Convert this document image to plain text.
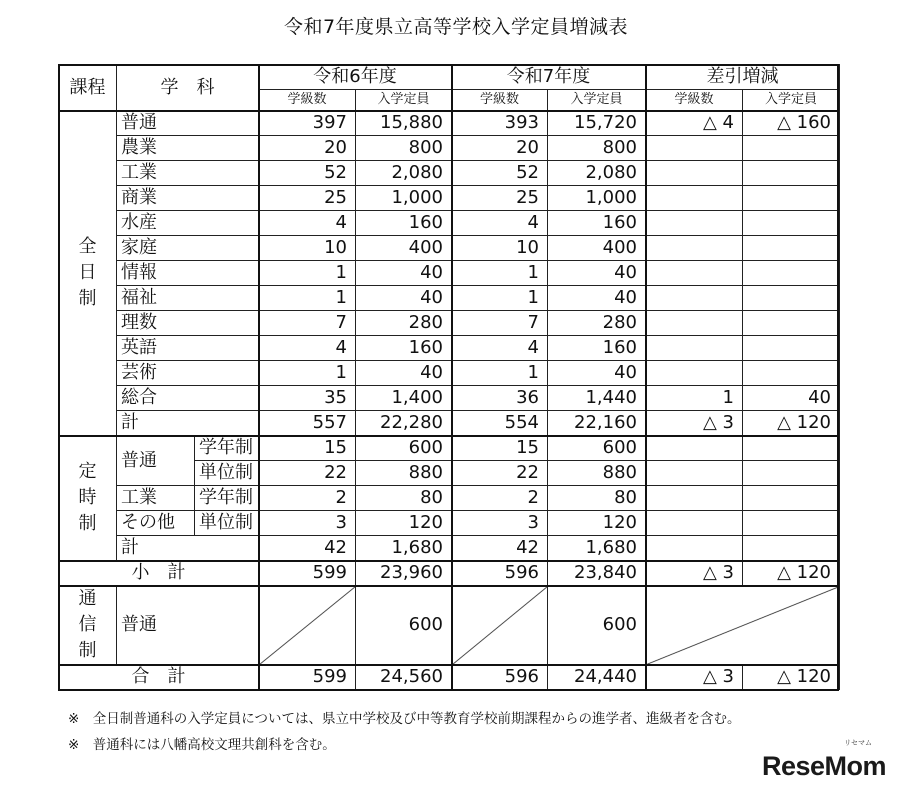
令和7年度県立高等学校入学定員増減表
課程	学　科		令和6年度		令和7年度		差引増減	
			学級数	入学定員	学級数	入学定員	学級数	入学定員

全
日
制	普通		397	15,880	393	15,720	△ 4	△ 160
	農業		20	800	20	800		
	工業		52	2,080	52	2,080		
	商業		25	1,000	25	1,000		
	水産		4	160	4	160		
	家庭		10	400	10	400		
	情報		1	40	1	40		
	福祉		1	40	1	40		
	理数		7	280	7	280		
	英語		4	160	4	160		
	芸術		1	40	1	40		
	総合		35	1,400	36	1,440	1	40
	計		557	22,280	554	22,160	△ 3	△ 120

定
時
制	普通	学年制	15	600	15	600		
		単位制	22	880	22	880		
	工業	学年制	2	80	2	80		
	その他	単位制	3	120	3	120		
	計		42	1,680	42	1,680		
小　計			599	23,960	596	23,840	△ 3	△ 120

通
信
制	普通			600		600		
合　計			599	24,560	596	24,440	△ 3	△ 120
※　全日制普通科の入学定員については、県立中学校及び中等教育学校前期課程からの進学者、進級者を含む。
※　普通科には八幡高校文理共創科を含む。	リセマム
ReseMom
